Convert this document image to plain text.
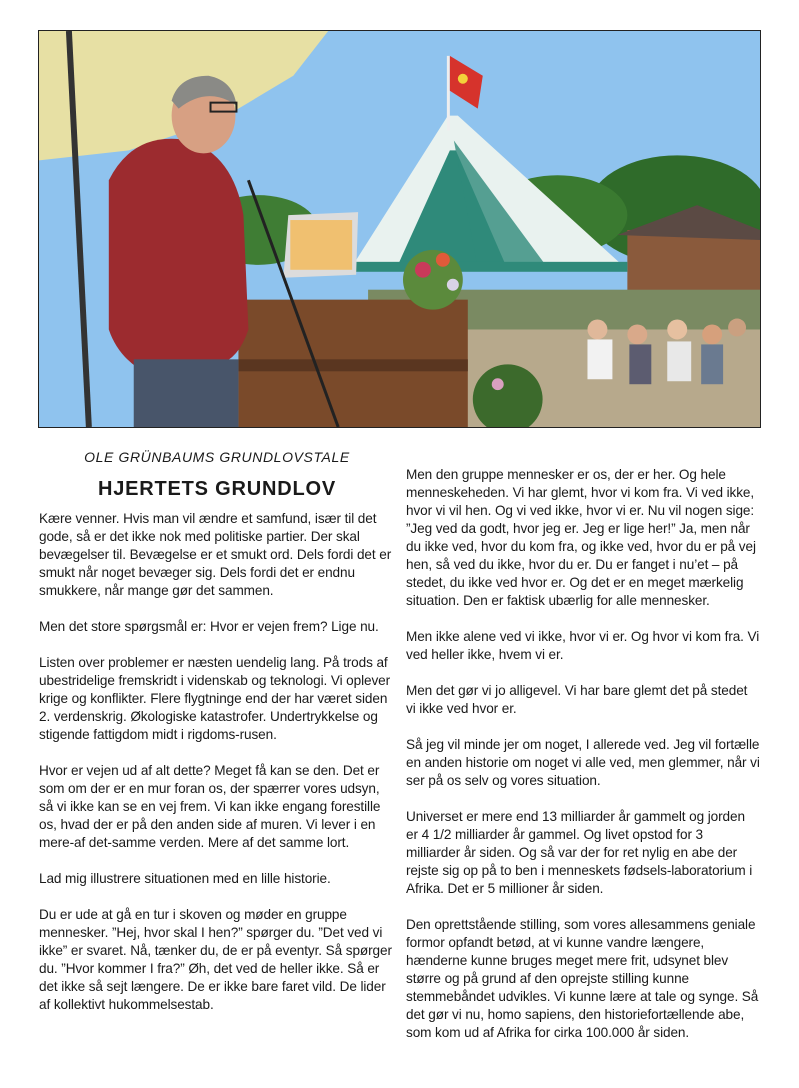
OLE GRÜNBAUMS GRUNDLOVSTALE
HJERTETS GRUNDLOV

Kære venner. Hvis man vil ændre et samfund, især til det gode, så er det ikke nok med politiske partier. Der skal bevægelser til. Bevægelse er et smukt ord. Dels fordi det er smukt når noget bevæger sig. Dels fordi det er endnu smukkere, når mange gør det sammen.

Men det store spørgsmål er: Hvor er vejen frem? Lige nu.

Listen over problemer er næsten uendelig lang. På trods af ubestridelige fremskridt i videnskab og teknologi. Vi oplever krige og konflikter. Flere flygtninge end der har været siden 2. verdenskrig. Økologiske katastrofer. Undertrykkelse og stigende fattigdom midt i rigdoms-rusen.

Hvor er vejen ud af alt dette? Meget få kan se den. Det er som om der er en mur foran os, der spærrer vores udsyn, så vi ikke kan se en vej frem. Vi kan ikke engang forestille os, hvad der er på den anden side af muren. Vi lever i en mere-af det-samme verden. Mere af det samme lort.

Lad mig illustrere situationen med en lille historie.

Du er ude at gå en tur i skoven og møder en gruppe mennesker. ”Hej, hvor skal I hen?” spørger du. ”Det ved vi ikke” er svaret. Nå, tænker du, de er på eventyr. Så spørger du. ”Hvor kommer I fra?” Øh, det ved de heller ikke. Så er det ikke så sejt længere. De er ikke bare faret vild. De lider af kollektivt hukommelsestab.

Men den gruppe mennesker er os, der er her. Og hele menneskeheden. Vi har glemt, hvor vi kom fra. Vi ved ikke, hvor vi vil hen. Og vi ved ikke, hvor vi er. Nu vil nogen sige: ”Jeg ved da godt, hvor jeg er. Jeg er lige her!” Ja, men når du ikke ved, hvor du kom fra, og ikke ved, hvor du er på vej hen, så ved du ikke, hvor du er. Du er fanget i nu’et – på stedet, du ikke ved hvor er. Og det er en meget mærkelig situation. Den er faktisk ubærlig for alle mennesker.

Men ikke alene ved vi ikke, hvor vi er. Og hvor vi kom fra. Vi ved heller ikke, hvem vi er.

Men det gør vi jo alligevel. Vi har bare glemt det på stedet vi ikke ved hvor er.

Så jeg vil minde jer om noget, I allerede ved. Jeg vil fortælle en anden historie om noget vi alle ved, men glemmer, når vi ser på os selv og vores situation.

Universet er mere end 13 milliarder år gammelt og jorden er 4 1/2 milliarder år gammel. Og livet opstod for 3 milliarder år siden. Og så var der for ret nylig en abe der rejste sig op på to ben i menneskets fødsels-laboratorium i Afrika. Det er 5 millioner år siden.

Den oprettstående stilling, som vores allesammens geniale formor opfandt betød, at vi kunne vandre længere, hænderne kunne bruges meget mere frit, udsynet blev større og på grund af den oprejste stilling kunne stemmebåndet udvikles. Vi kunne lære at tale og synge. Så det gør vi nu, homo sapiens, den historiefortællende abe, som kom ud af Afrika for cirka 100.000 år siden.
